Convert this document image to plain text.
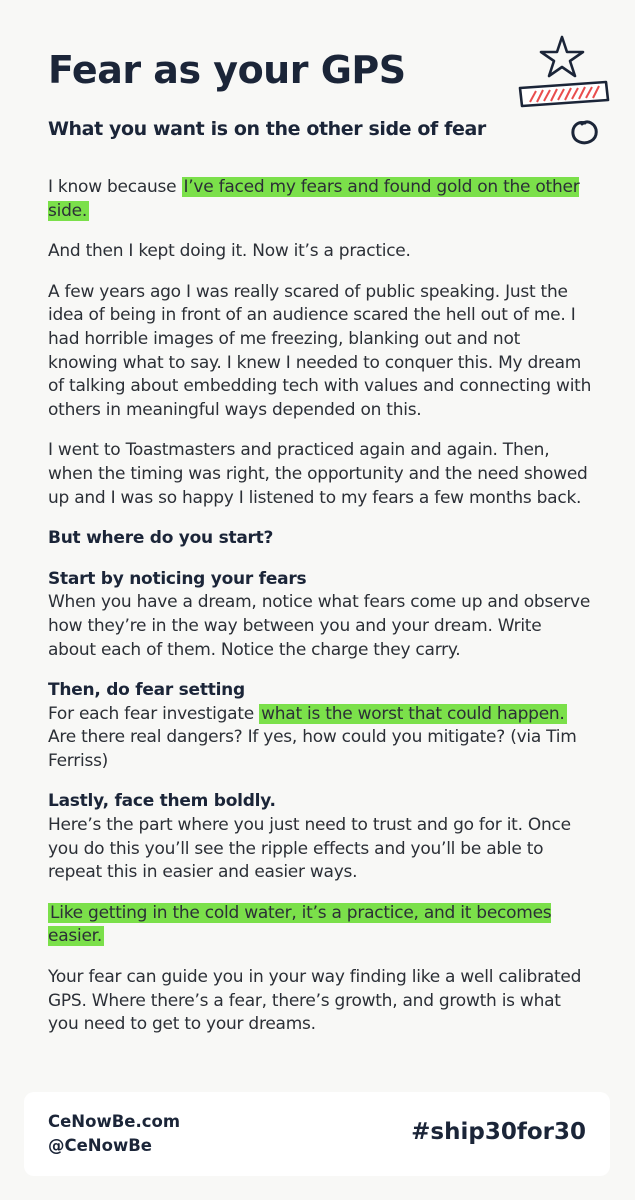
Fear as your GPS
What you want is on the other side of fear

I know because I’ve faced my fears and found gold on the other side.

And then I kept doing it. Now it’s a practice.

A few years ago I was really scared of public speaking. Just the idea of being in front of an audience scared the hell out of me. I had horrible images of me freezing, blanking out and not knowing what to say. I knew I needed to conquer this. My dream of talking about embedding tech with values and connecting with others in meaningful ways depended on this.

I went to Toastmasters and practiced again and again. Then, when the timing was right, the opportunity and the need showed up and I was so happy I listened to my fears a few months back.

But where do you start?

Start by noticing your fears
When you have a dream, notice what fears come up and observe how they’re in the way between you and your dream. Write about each of them. Notice the charge they carry.

Then, do fear setting
For each fear investigate what is the worst that could happen. Are there real dangers? If yes, how could you mitigate? (via Tim Ferriss)

Lastly, face them boldly.
Here’s the part where you just need to trust and go for it. Once you do this you’ll see the ripple effects and you’ll be able to repeat this in easier and easier ways.

Like getting in the cold water, it’s a practice, and it becomes easier.

Your fear can guide you in your way finding like a well calibrated GPS. Where there’s a fear, there’s growth, and growth is what you need to get to your dreams.

CeNowBe.com
@CeNowBe
#ship30for30
